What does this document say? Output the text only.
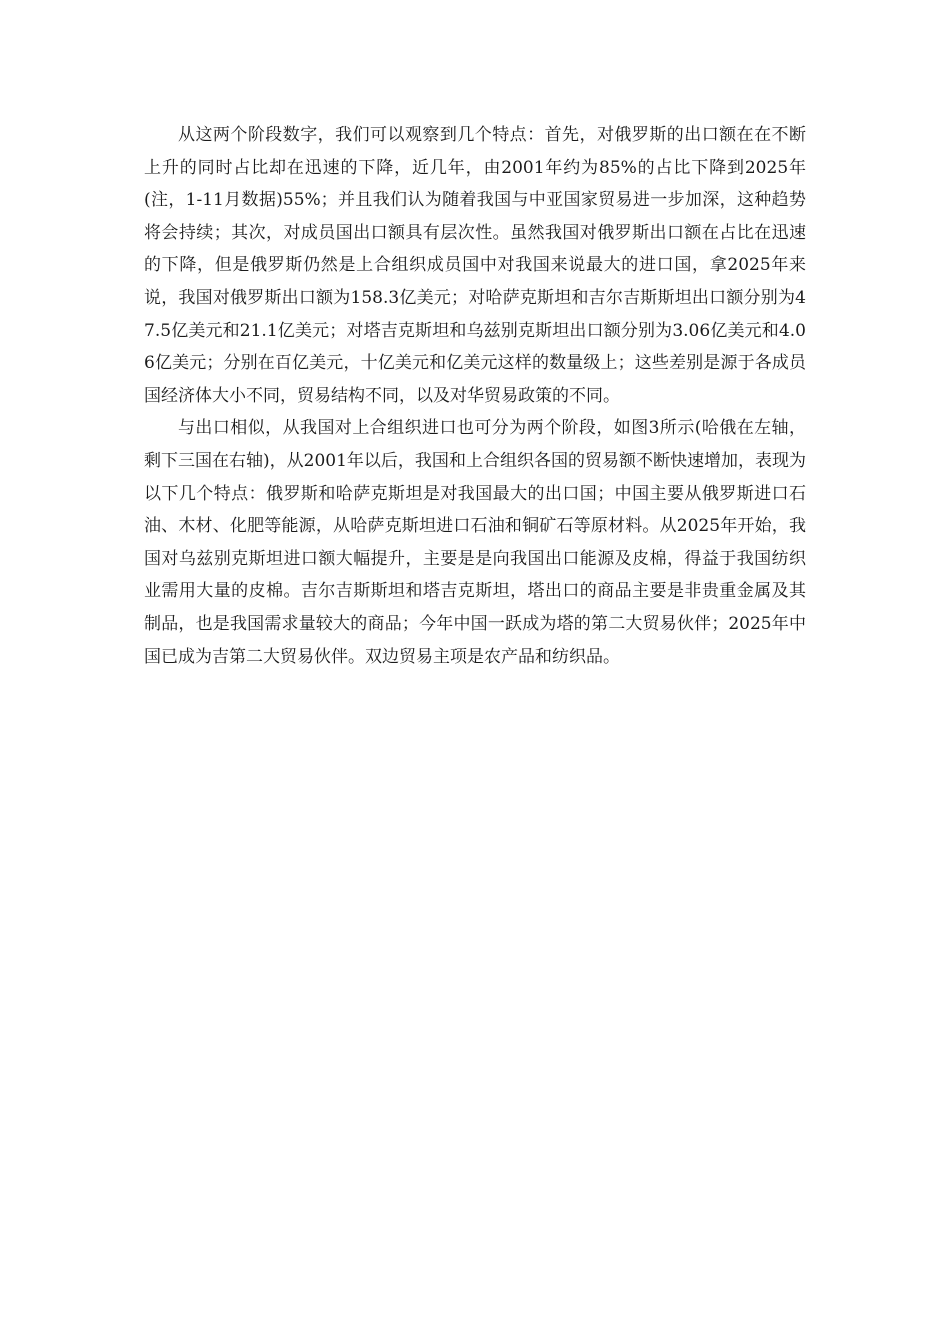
从这两个阶段数字，我们可以观察到几个特点：首先，对俄罗斯的出口额在在不断上升的同时占比却在迅速的下降，近几年，由2001年约为85%的占比下降到2025年(注，1-11月数据)55%；并且我们认为随着我国与中亚国家贸易进一步加深，这种趋势将会持续；其次，对成员国出口额具有层次性。虽然我国对俄罗斯出口额在占比在迅速的下降，但是俄罗斯仍然是上合组织成员国中对我国来说最大的进口国，拿2025年来说，我国对俄罗斯出口额为158.3亿美元；对哈萨克斯坦和吉尔吉斯斯坦出口额分别为47.5亿美元和21.1亿美元；对塔吉克斯坦和乌兹别克斯坦出口额分别为3.06亿美元和4.06亿美元；分别在百亿美元，十亿美元和亿美元这样的数量级上；这些差别是源于各成员国经济体大小不同，贸易结构不同，以及对华贸易政策的不同。

与出口相似，从我国对上合组织进口也可分为两个阶段，如图3所示(哈俄在左轴，剩下三国在右轴)，从2001年以后，我国和上合组织各国的贸易额不断快速增加，表现为以下几个特点：俄罗斯和哈萨克斯坦是对我国最大的出口国；中国主要从俄罗斯进口石油、木材、化肥等能源，从哈萨克斯坦进口石油和铜矿石等原材料。从2025年开始，我国对乌兹别克斯坦进口额大幅提升，主要是是向我国出口能源及皮棉，得益于我国纺织业需用大量的皮棉。吉尔吉斯斯坦和塔吉克斯坦，塔出口的商品主要是非贵重金属及其制品，也是我国需求量较大的商品；今年中国一跃成为塔的第二大贸易伙伴；2025年中国已成为吉第二大贸易伙伴。双边贸易主项是农产品和纺织品。
